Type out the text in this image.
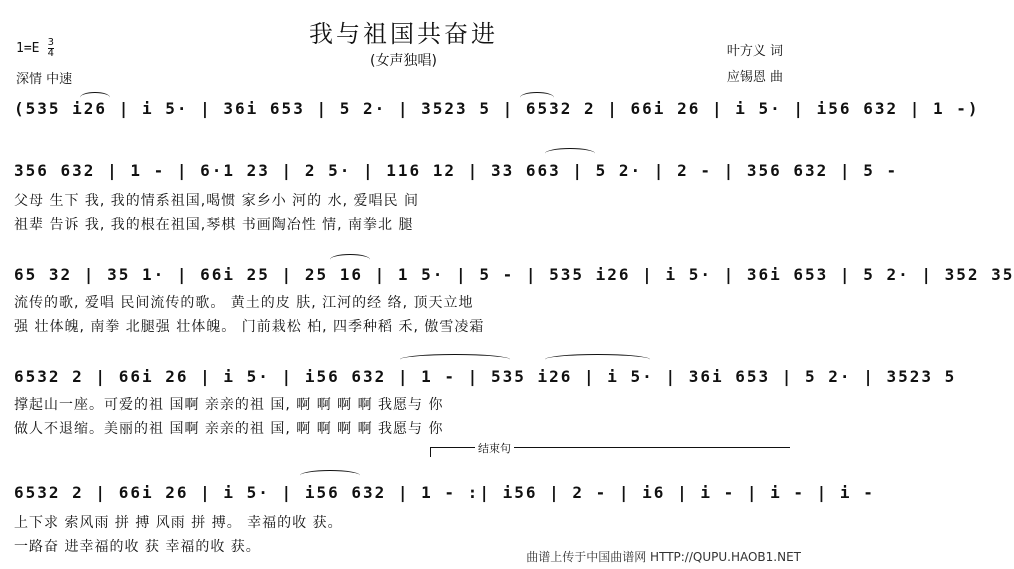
我与祖国共奋进
(女声独唱)
$1=E \frac{3}{4}$
深情 中速
叶方义 词
应锡恩 曲
(535 i26 | i 5· | 36i 653 | 5 2· | 3523 5 | 6532 2 | 66i 26 | i 5· | i56 632 | 1 -)
356 632 | 1 - | 6·1 23 | 2 5· | 116 12 | 33 663 | 5 2· | 2 - | 356 632 | 5 -
父母 生下 我, 我的情系祖国,喝惯 家乡小 河的 水, 爱唱民 间
祖辈 告诉 我, 我的根在祖国,琴棋 书画陶冶性 情, 南拳北 腿
65 32 | 35 1· | 66i 25 | 25 16 | 1 5· | 5 - | 535 i26 | i 5· | 36i 653 | 5 2· | 352 35
流传的歌, 爱唱 民间流传的歌。 黄土的皮 肤, 江河的经 络, 顶天立地
强 壮体魄, 南拳 北腿强 壮体魄。 门前栽松 柏, 四季种稻 禾, 傲雪凌霜
6532 2 | 66i 26 | i 5· | i56 632 | 1 - | 535 i26 | i 5· | 36i 653 | 5 2· | 3523 5
撑起山一座。可爱的祖 国啊 亲亲的祖 国, 啊 啊 啊 啊 我愿与 你
做人不退缩。美丽的祖 国啊 亲亲的祖 国, 啊 啊 啊 啊 我愿与 你
结束句
6532 2 | 66i 26 | i 5· | i56 632 | 1 - :| i56 | 2 - | i6 | i - | i - | i -
上下求 索风雨 拼 搏 风雨 拼 搏。 幸福的收 获。
一路奋 进幸福的收 获 幸福的收 获。
曲谱上传于中国曲谱网 HTTP://QUPU.HAOB1.NET
